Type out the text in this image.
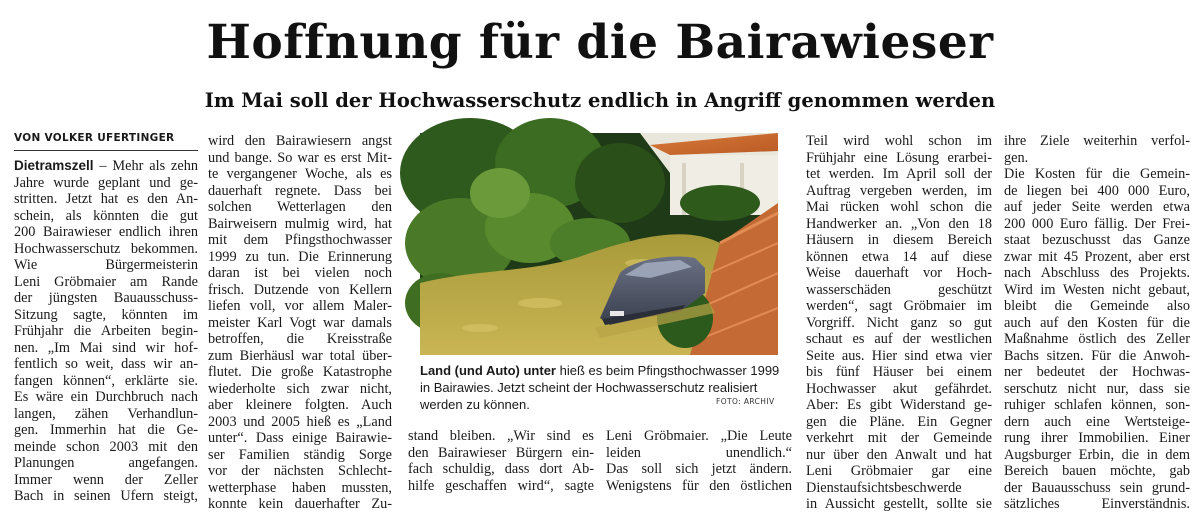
Hoffnung für die Bairawieser
Im Mai soll der Hochwasserschutz endlich in Angriff genommen werden
VON VOLKER UFERTINGER
Dietramszell – Mehr als zehn
Jahre wurde geplant und ge-
stritten. Jetzt hat es den An-
schein, als könnten die gut
200 Bairawieser endlich ihren
Hochwasserschutz bekommen.
Wie Bürgermeisterin
Leni Gröbmaier am Rande
der jüngsten Bauausschuss-
Sitzung sagte, könnten im
Frühjahr die Arbeiten begin-
nen. „Im Mai sind wir hof-
fentlich so weit, dass wir an-
fangen können“, erklärte sie.
Es wäre ein Durchbruch nach
langen, zähen Verhandlun-
gen. Immerhin hat die Ge-
meinde schon 2003 mit den
Planungen angefangen.
Immer wenn der Zeller
Bach in seinen Ufern steigt,
wird den Bairawiesern angst
und bange. So war es erst Mit-
te vergangener Woche, als es
dauerhaft regnete. Dass bei
solchen Wetterlagen den
Bairweisern mulmig wird, hat
mit dem Pfingsthochwasser
1999 zu tun. Die Erinnerung
daran ist bei vielen noch
frisch. Dutzende von Kellern
liefen voll, vor allem Maler-
meister Karl Vogt war damals
betroffen, die Kreisstraße
zum Bierhäusl war total über-
flutet. Die große Katastrophe
wiederholte sich zwar nicht,
aber kleinere folgten. Auch
2003 und 2005 hieß es „Land
unter“. Dass einige Bairawie-
ser Familien ständig Sorge
vor der nächsten Schlecht-
wetterphase haben mussten,
konnte kein dauerhafter Zu-
Land (und Auto) unter hieß es beim Pfingsthochwasser 1999 in Bairawies. Jetzt scheint der Hochwasserschutz realisiert werden zu können.	FOTO: ARCHIV
stand bleiben. „Wir sind es
den Bairawieser Bürgern ein-
fach schuldig, dass dort Ab-
hilfe geschaffen wird“, sagte
Leni Gröbmaier. „Die Leute
leiden unendlich.“
Das soll sich jetzt ändern.
Wenigstens für den östlichen
Teil wird wohl schon im
Frühjahr eine Lösung erarbei-
tet werden. Im April soll der
Auftrag vergeben werden, im
Mai rücken wohl schon die
Handwerker an. „Von den 18
Häusern in diesem Bereich
können etwa 14 auf diese
Weise dauerhaft vor Hoch-
wasserschäden geschützt
werden“, sagt Gröbmaier im
Vorgriff. Nicht ganz so gut
schaut es auf der westlichen
Seite aus. Hier sind etwa vier
bis fünf Häuser bei einem
Hochwasser akut gefährdet.
Aber: Es gibt Widerstand ge-
gen die Pläne. Ein Gegner
verkehrt mit der Gemeinde
nur über den Anwalt und hat
Leni Gröbmaier gar eine
Dienstaufsichtsbeschwerde
in Aussicht gestellt, sollte sie
ihre Ziele weiterhin verfol-
gen.
Die Kosten für die Gemein-
de liegen bei 400 000 Euro,
auf jeder Seite werden etwa
200 000 Euro fällig. Der Frei-
staat bezuschusst das Ganze
zwar mit 45 Prozent, aber erst
nach Abschluss des Projekts.
Wird im Westen nicht gebaut,
bleibt die Gemeinde also
auch auf den Kosten für die
Maßnahme östlich des Zeller
Bachs sitzen. Für die Anwoh-
ner bedeutet der Hochwas-
serschutz nicht nur, dass sie
ruhiger schlafen können, son-
dern auch eine Wertsteige-
rung ihrer Immobilien. Einer
Augsburger Erbin, die in dem
Bereich bauen möchte, gab
der Bauausschuss sein grund-
sätzliches Einverständnis.
